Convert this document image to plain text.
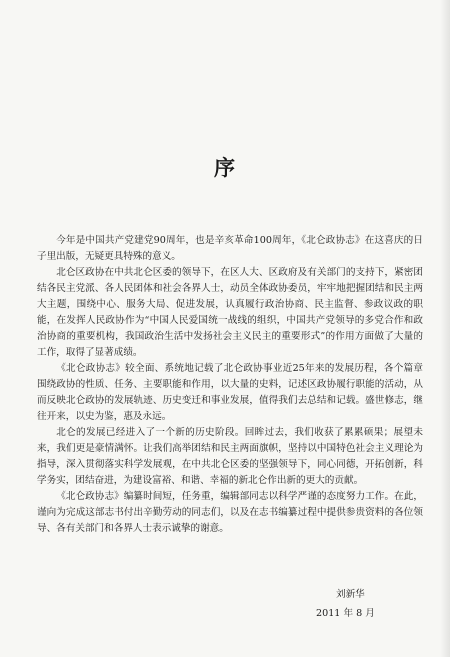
序

今年是中国共产党建党90周年，也是辛亥革命100周年，《北仑政协志》在这喜庆的日子里出版，无疑更具特殊的意义。

北仑区政协在中共北仑区委的领导下，在区人大、区政府及有关部门的支持下，紧密团结各民主党派、各人民团体和社会各界人士，动员全体政协委员，牢牢地把握团结和民主两大主题，围绕中心、服务大局、促进发展，认真履行政治协商、民主监督、参政议政的职能，在发挥人民政协作为“中国人民爱国统一战线的组织，中国共产党领导的多党合作和政治协商的重要机构，我国政治生活中发扬社会主义民主的重要形式”的作用方面做了大量的工作，取得了显著成绩。

《北仑政协志》较全面、系统地记载了北仑政协事业近25年来的发展历程，各个篇章围绕政协的性质、任务、主要职能和作用，以大量的史料，记述区政协履行职能的活动，从而反映北仑政协的发展轨迹、历史变迁和事业发展，值得我们去总结和记载。盛世修志，继往开来，以史为鉴，惠及永远。

北仑的发展已经进入了一个新的历史阶段。回眸过去，我们收获了累累硕果；展望未来，我们更是豪情满怀。让我们高举团结和民主两面旗帜，坚持以中国特色社会主义理论为指导，深入贯彻落实科学发展观，在中共北仑区委的坚强领导下，同心同德，开拓创新，科学务实，团结奋进，为建设富裕、和谐、幸福的新北仑作出新的更大的贡献。

《北仑政协志》编纂时间短，任务重，编辑部同志以科学严谨的态度努力工作。在此，谨向为完成这部志书付出辛勤劳动的同志们，以及在志书编纂过程中提供参贵资料的各位领导、各有关部门和各界人士表示诚挚的谢意。

刘新华
2011 年 8 月
